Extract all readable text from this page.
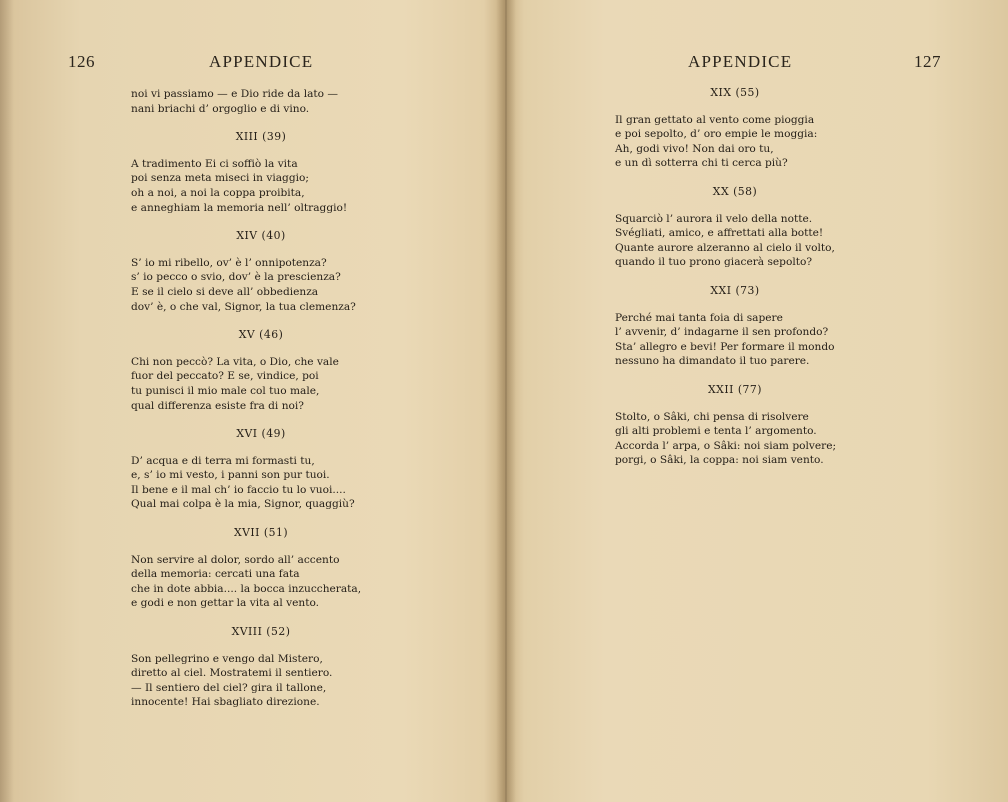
126	APPENDICE
noi vi passiamo — e Dio ride da lato —
nani briachi d’ orgoglio e di vino.
XIII (39)
A tradimento Ei ci soffiò la vita
poi senza meta miseci in viaggio;
oh a noi, a noi la coppa proibita,
e anneghiam la memoria nell’ oltraggio!
XIV (40)
S’ io mi ribello, ov’ è l’ onnipotenza?
s’ io pecco o svio, dov’ è la prescienza?
E se il cielo si deve all’ obbedienza
dov’ è, o che val, Signor, la tua clemenza?
XV (46)
Chi non peccò? La vita, o Dio, che vale
fuor del peccato? E se, vindice, poi
tu punisci il mio male col tuo male,
qual differenza esiste fra di noi?
XVI (49)
D’ acqua e di terra mi formasti tu,
e, s’ io mi vesto, i panni son pur tuoi.
Il bene e il mal ch’ io faccio tu lo vuoi....
Qual mai colpa è la mia, Signor, quaggiù?
XVII (51)
Non servire al dolor, sordo all’ accento
della memoria: cercati una fata
che in dote abbia.... la bocca inzuccherata,
e godi e non gettar la vita al vento.
XVIII (52)
Son pellegrino e vengo dal Mistero,
diretto al ciel. Mostratemi il sentiero.
— Il sentiero del ciel? gira il tallone,
innocente! Hai sbagliato direzione.
APPENDICE	127
XIX (55)
Il gran gettato al vento come pioggia
e poi sepolto, d’ oro empie le moggia:
Ah, godi vivo! Non dai oro tu,
e un dì sotterra chi ti cerca più?
XX (58)
Squarciò l’ aurora il velo della notte.
Svégliati, amico, e affrettati alla botte!
Quante aurore alzeranno al cielo il volto,
quando il tuo prono giacerà sepolto?
XXI (73)
Perché mai tanta foia di sapere
l’ avvenir, d’ indagarne il sen profondo?
Sta’ allegro e bevi! Per formare il mondo
nessuno ha dimandato il tuo parere.
XXII (77)
Stolto, o Sâki, chi pensa di risolvere
gli alti problemi e tenta l’ argomento.
Accorda l’ arpa, o Sâki: noi siam polvere;
porgi, o Sâki, la coppa: noi siam vento.
